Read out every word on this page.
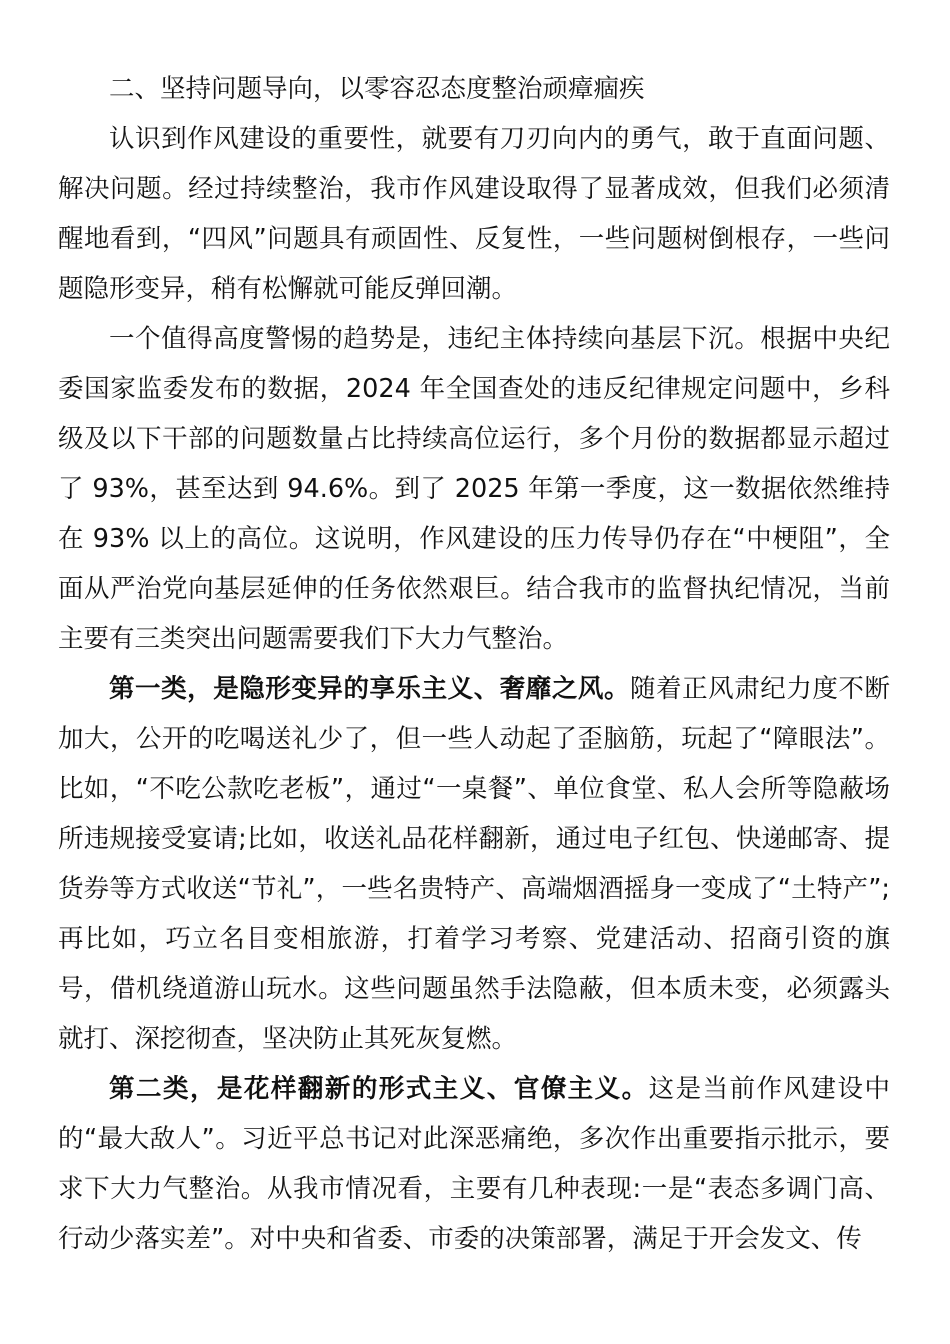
二、坚持问题导向，以零容忍态度整治顽瘴痼疾

认识到作风建设的重要性，就要有刀刃向内的勇气，敢于直面问题、解决问题。经过持续整治，我市作风建设取得了显著成效，但我们必须清醒地看到，“四风”问题具有顽固性、反复性，一些问题树倒根存，一些问题隐形变异，稍有松懈就可能反弹回潮。

一个值得高度警惕的趋势是，违纪主体持续向基层下沉。根据中央纪委国家监委发布的数据，2024 年全国查处的违反纪律规定问题中，乡科级及以下干部的问题数量占比持续高位运行，多个月份的数据都显示超过了 93%，甚至达到 94.6%。到了 2025 年第一季度，这一数据依然维持在 93% 以上的高位。这说明，作风建设的压力传导仍存在“中梗阻”，全面从严治党向基层延伸的任务依然艰巨。结合我市的监督执纪情况，当前主要有三类突出问题需要我们下大力气整治。

第一类，是隐形变异的享乐主义、奢靡之风。随着正风肃纪力度不断加大，公开的吃喝送礼少了，但一些人动起了歪脑筋，玩起了“障眼法”。比如，“不吃公款吃老板”，通过“一桌餐”、单位食堂、私人会所等隐蔽场所违规接受宴请;比如，收送礼品花样翻新，通过电子红包、快递邮寄、提货券等方式收送“节礼”，一些名贵特产、高端烟酒摇身一变成了“土特产”;再比如，巧立名目变相旅游，打着学习考察、党建活动、招商引资的旗号，借机绕道游山玩水。这些问题虽然手法隐蔽，但本质未变，必须露头就打、深挖彻查，坚决防止其死灰复燃。

第二类，是花样翻新的形式主义、官僚主义。这是当前作风建设中的“最大敌人”。习近平总书记对此深恶痛绝，多次作出重要指示批示，要求下大力气整治。从我市情况看，主要有几种表现:一是“表态多调门高、行动少落实差”。对中央和省委、市委的决策部署，满足于开会发文、传
